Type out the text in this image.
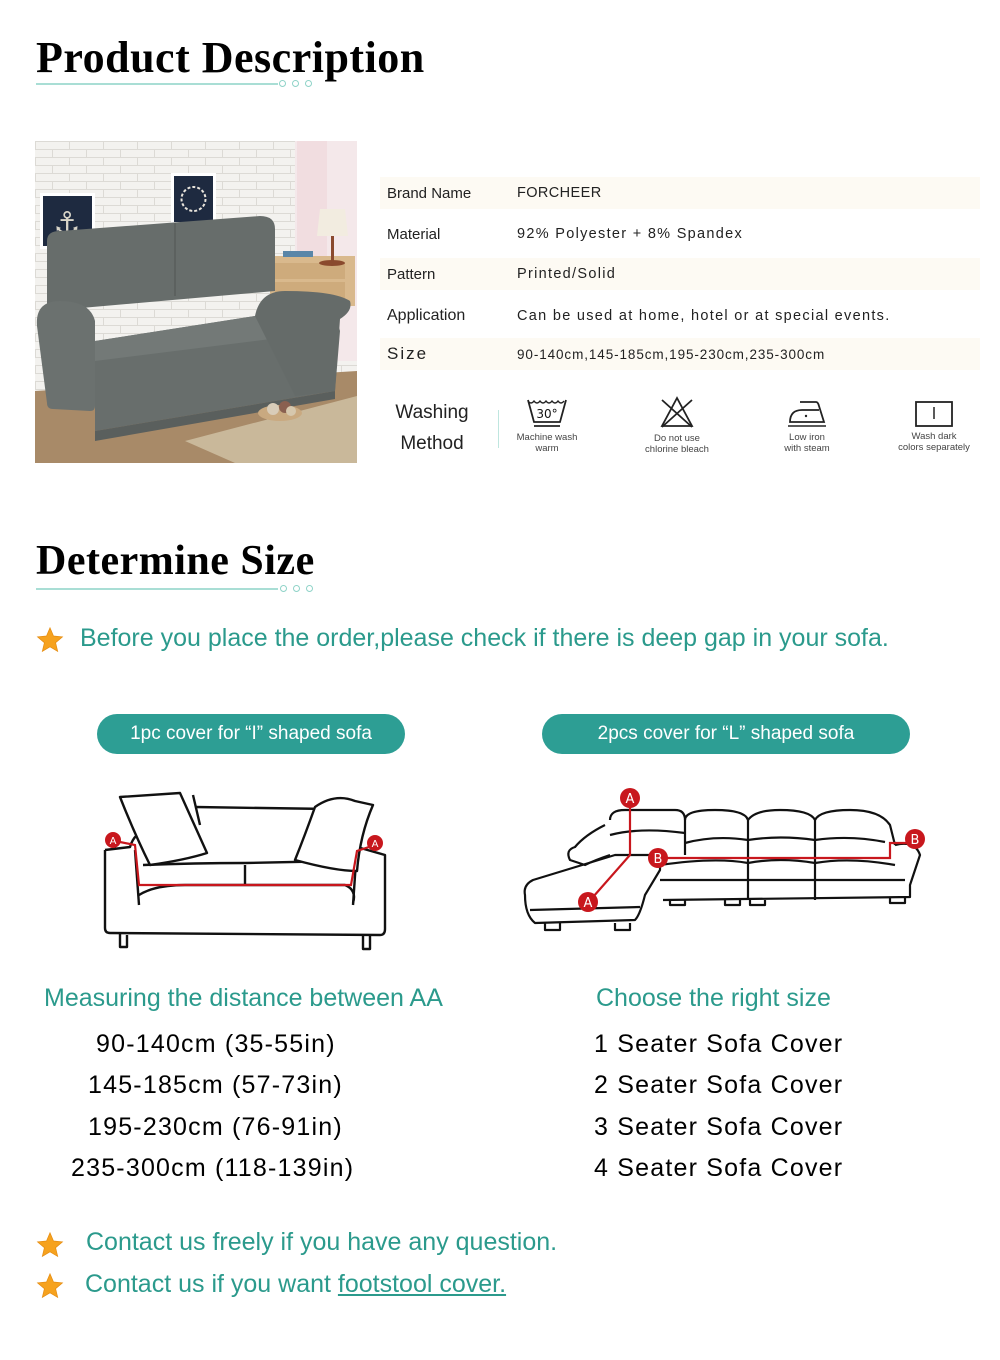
Product Description
⚓
Brand Name	FORCHEER
Material	92% Polyester + 8% Spandex
Pattern	Printed/Solid
Application	Can be used at home, hotel or at special events.
Size	90-140cm,145-185cm,195-230cm,235-300cm
Washing
Method
30°
Machine wash
warm
Do not use
chlorine bleach
Low iron
with steam
Wash dark
colors separately
Determine Size
Before you place the order,please check if there is deep gap in your sofa.
1pc cover for “I” shaped sofa	2pcs cover for “L” shaped sofa
A	A
A
A
B
B
Measuring the distance between AA	Choose the right size
90-140cm (35-55in)
145-185cm (57-73in)
195-230cm (76-91in)
235-300cm (118-139in)
1 Seater Sofa Cover
2 Seater Sofa Cover
3 Seater Sofa Cover
4 Seater Sofa Cover
Contact us freely if you have any question.
Contact us if you want footstool cover.
